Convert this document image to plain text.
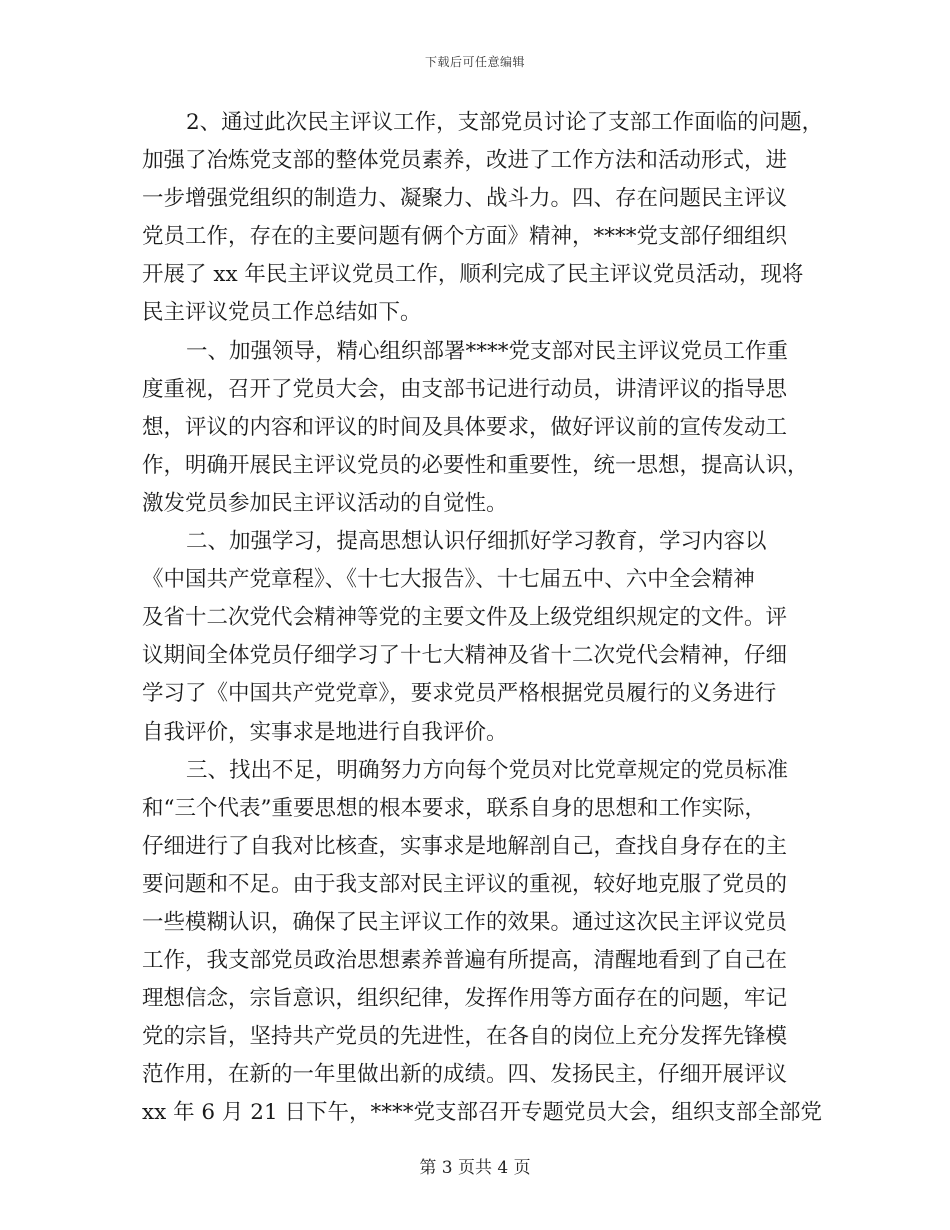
下载后可任意编辑
2、通过此次民主评议工作，支部党员讨论了支部工作面临的问题，
加强了冶炼党支部的整体党员素养，改进了工作方法和活动形式，进
一步增强党组织的制造力、凝聚力、战斗力。四、存在问题民主评议
党员工作，存在的主要问题有俩个方面》精神，****党支部仔细组织
开展了 xx 年民主评议党员工作，顺利完成了民主评议党员活动，现将
民主评议党员工作总结如下。
一、加强领导，精心组织部署****党支部对民主评议党员工作重
度重视，召开了党员大会，由支部书记进行动员，讲清评议的指导思
想，评议的内容和评议的时间及具体要求，做好评议前的宣传发动工
作，明确开展民主评议党员的必要性和重要性，统一思想，提高认识，
激发党员参加民主评议活动的自觉性。
二、加强学习，提高思想认识仔细抓好学习教育，学习内容以
《中国共产党章程》、《十七大报告》、十七届五中、六中全会精神
及省十二次党代会精神等党的主要文件及上级党组织规定的文件。评
议期间全体党员仔细学习了十七大精神及省十二次党代会精神，仔细
学习了《中国共产党党章》，要求党员严格根据党员履行的义务进行
自我评价，实事求是地进行自我评价。
三、找出不足，明确努力方向每个党员对比党章规定的党员标准
和“三个代表”重要思想的根本要求，联系自身的思想和工作实际，
仔细进行了自我对比核查，实事求是地解剖自己，查找自身存在的主
要问题和不足。由于我支部对民主评议的重视，较好地克服了党员的
一些模糊认识，确保了民主评议工作的效果。通过这次民主评议党员
工作，我支部党员政治思想素养普遍有所提高，清醒地看到了自己在
理想信念，宗旨意识，组织纪律，发挥作用等方面存在的问题，牢记
党的宗旨，坚持共产党员的先进性，在各自的岗位上充分发挥先锋模
范作用，在新的一年里做出新的成绩。四、发扬民主，仔细开展评议
xx 年 6 月 21 日下午，****党支部召开专题党员大会，组织支部全部党
第 3 页共 4 页
